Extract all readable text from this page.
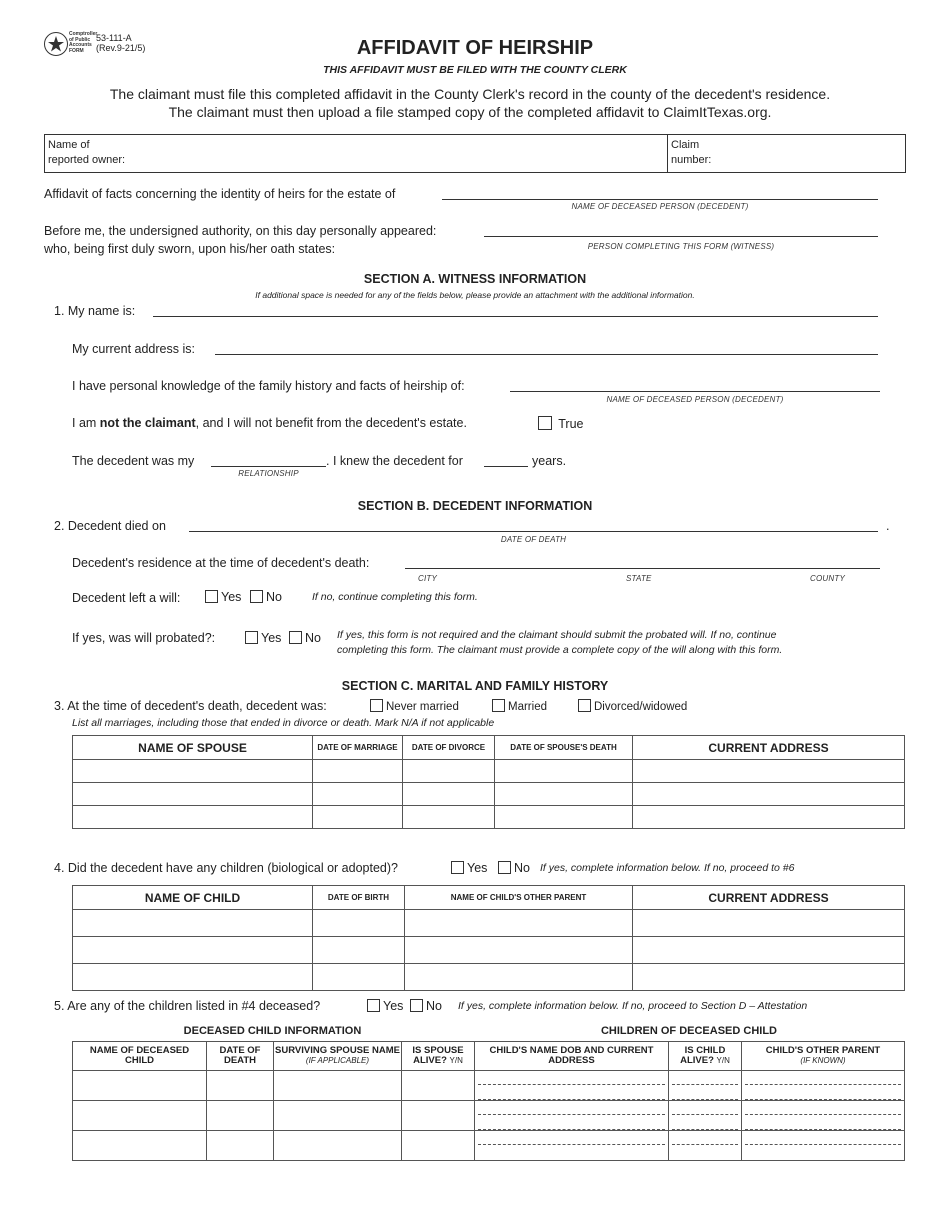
Comptroller
of Public
Accounts
FORM
53-111-A
(Rev.9-21/5)	AFFIDAVIT OF HEIRSHIP
THIS AFFIDAVIT MUST BE FILED WITH THE COUNTY CLERK
The claimant must file this completed affidavit in the County Clerk's record in the county of the decedent's residence.
The claimant must then upload a file stamped copy of the completed affidavit to ClaimItTexas.org.
Name of
reported owner:
Claim
number:
Affidavit of facts concerning the identity of heirs for the estate of
NAME OF DECEASED PERSON (DECEDENT)
Before me, the undersigned authority, on this day personally appeared:
who, being first duly sworn, upon his/her oath states:	PERSON COMPLETING THIS FORM (WITNESS)
SECTION A. WITNESS INFORMATION
If additional space is needed for any of the fields below, please provide an attachment with the additional information.
1. My name is:
My current address is:
I have personal knowledge of the family history and facts of heirship of:
NAME OF DECEASED PERSON (DECEDENT)
I am not the claimant, and I will not benefit from the decedent's estate.	True
The decedent was my
RELATIONSHIP
. I knew the decedent for	years.
SECTION B. DECEDENT INFORMATION
2. Decedent died on	.
DATE OF DEATH
Decedent's residence at the time of decedent's death:
CITY	STATE	COUNTY
Decedent left a will:	Yes	No	If no, continue completing this form.
If yes, was will probated?:	Yes	No If yes, this form is not required and the claimant should submit the probated will. If no, continue
completing this form. The claimant must provide a complete copy of the will along with this form.
SECTION C. MARITAL AND FAMILY HISTORY
3. At the time of decedent's death, decedent was:	Never married	Married	Divorced/widowed
List all marriages, including those that ended in divorce or death. Mark N/A if not applicable
NAME OF SPOUSE	DATE OF MARRIAGE	DATE OF DIVORCE	DATE OF SPOUSE'S DEATH	CURRENT ADDRESS

4. Did the decedent have any children (biological or adopted)?	Yes	No If yes, complete information below. If no, proceed to #6
NAME OF CHILD	DATE OF BIRTH	NAME OF CHILD'S OTHER PARENT	CURRENT ADDRESS

5. Are any of the children listed in #4 deceased?	Yes	No If yes, complete information below. If no, proceed to Section D – Attestation
DECEASED CHILD INFORMATION	CHILDREN OF DECEASED CHILD
NAME OF DECEASED CHILD	DATE OF DEATH	SURVIVING SPOUSE NAME (IF APPLICABLE)	IS SPOUSE ALIVE? Y/N	CHILD'S NAME DOB AND CURRENT ADDRESS	IS CHILD ALIVE? Y/N	CHILD'S OTHER PARENT
(IF KNOWN)
